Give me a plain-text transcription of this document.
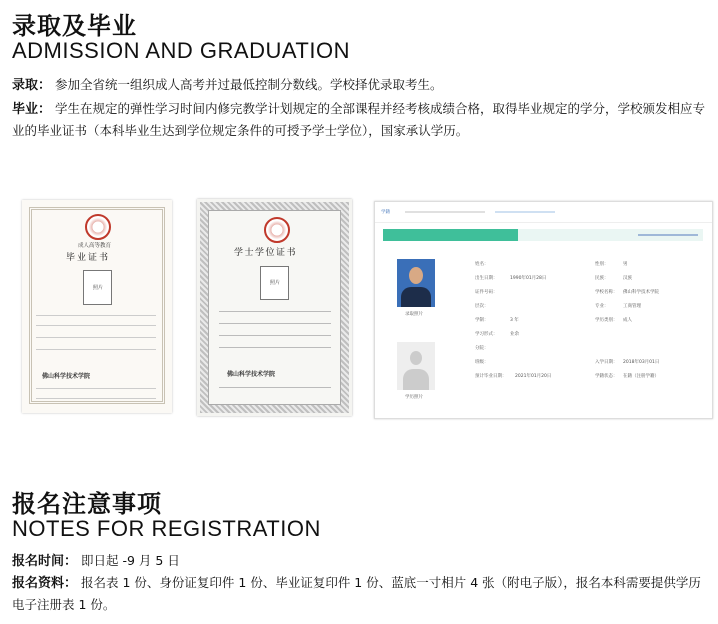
录取及毕业
ADMISSION AND GRADUATION
录取： 参加全省统一组织成人高考并过最低控制分数线。学校择优录取考生。
毕业： 学生在规定的弹性学习时间内修完教学计划规定的全部课程并经考核成绩合格，取得毕业规定的学分，学校颁发相应专业的毕业证书（本科毕业生达到学位规定条件的可授予学士学位），国家承认学历。
成人高等教育
毕业证书
照片
佛山科学技术学院
学士学位证书
照片
佛山科学技术学院
学籍
录取照片
学历照片
姓名：
出生日期：	1990年01月28日
证件号码：
层次：
学制：	3 年
学习形式：	业余
分院：
班级：
预计毕业日期： 2021年01月20日
性别：	男
民族：	汉族
学校名称： 佛山科学技术学院
专业：	工商管理
学历类别： 成人
入学日期： 2018年03月01日
学籍状态： 在籍（注册学籍）
报名注意事项
NOTES FOR REGISTRATION
报名时间： 即日起 -9 月 5 日
报名资料： 报名表 1 份、身份证复印件 1 份、毕业证复印件 1 份、蓝底一寸相片 4 张（附电子版），报名本科需要提供学历电子注册表 1 份。
